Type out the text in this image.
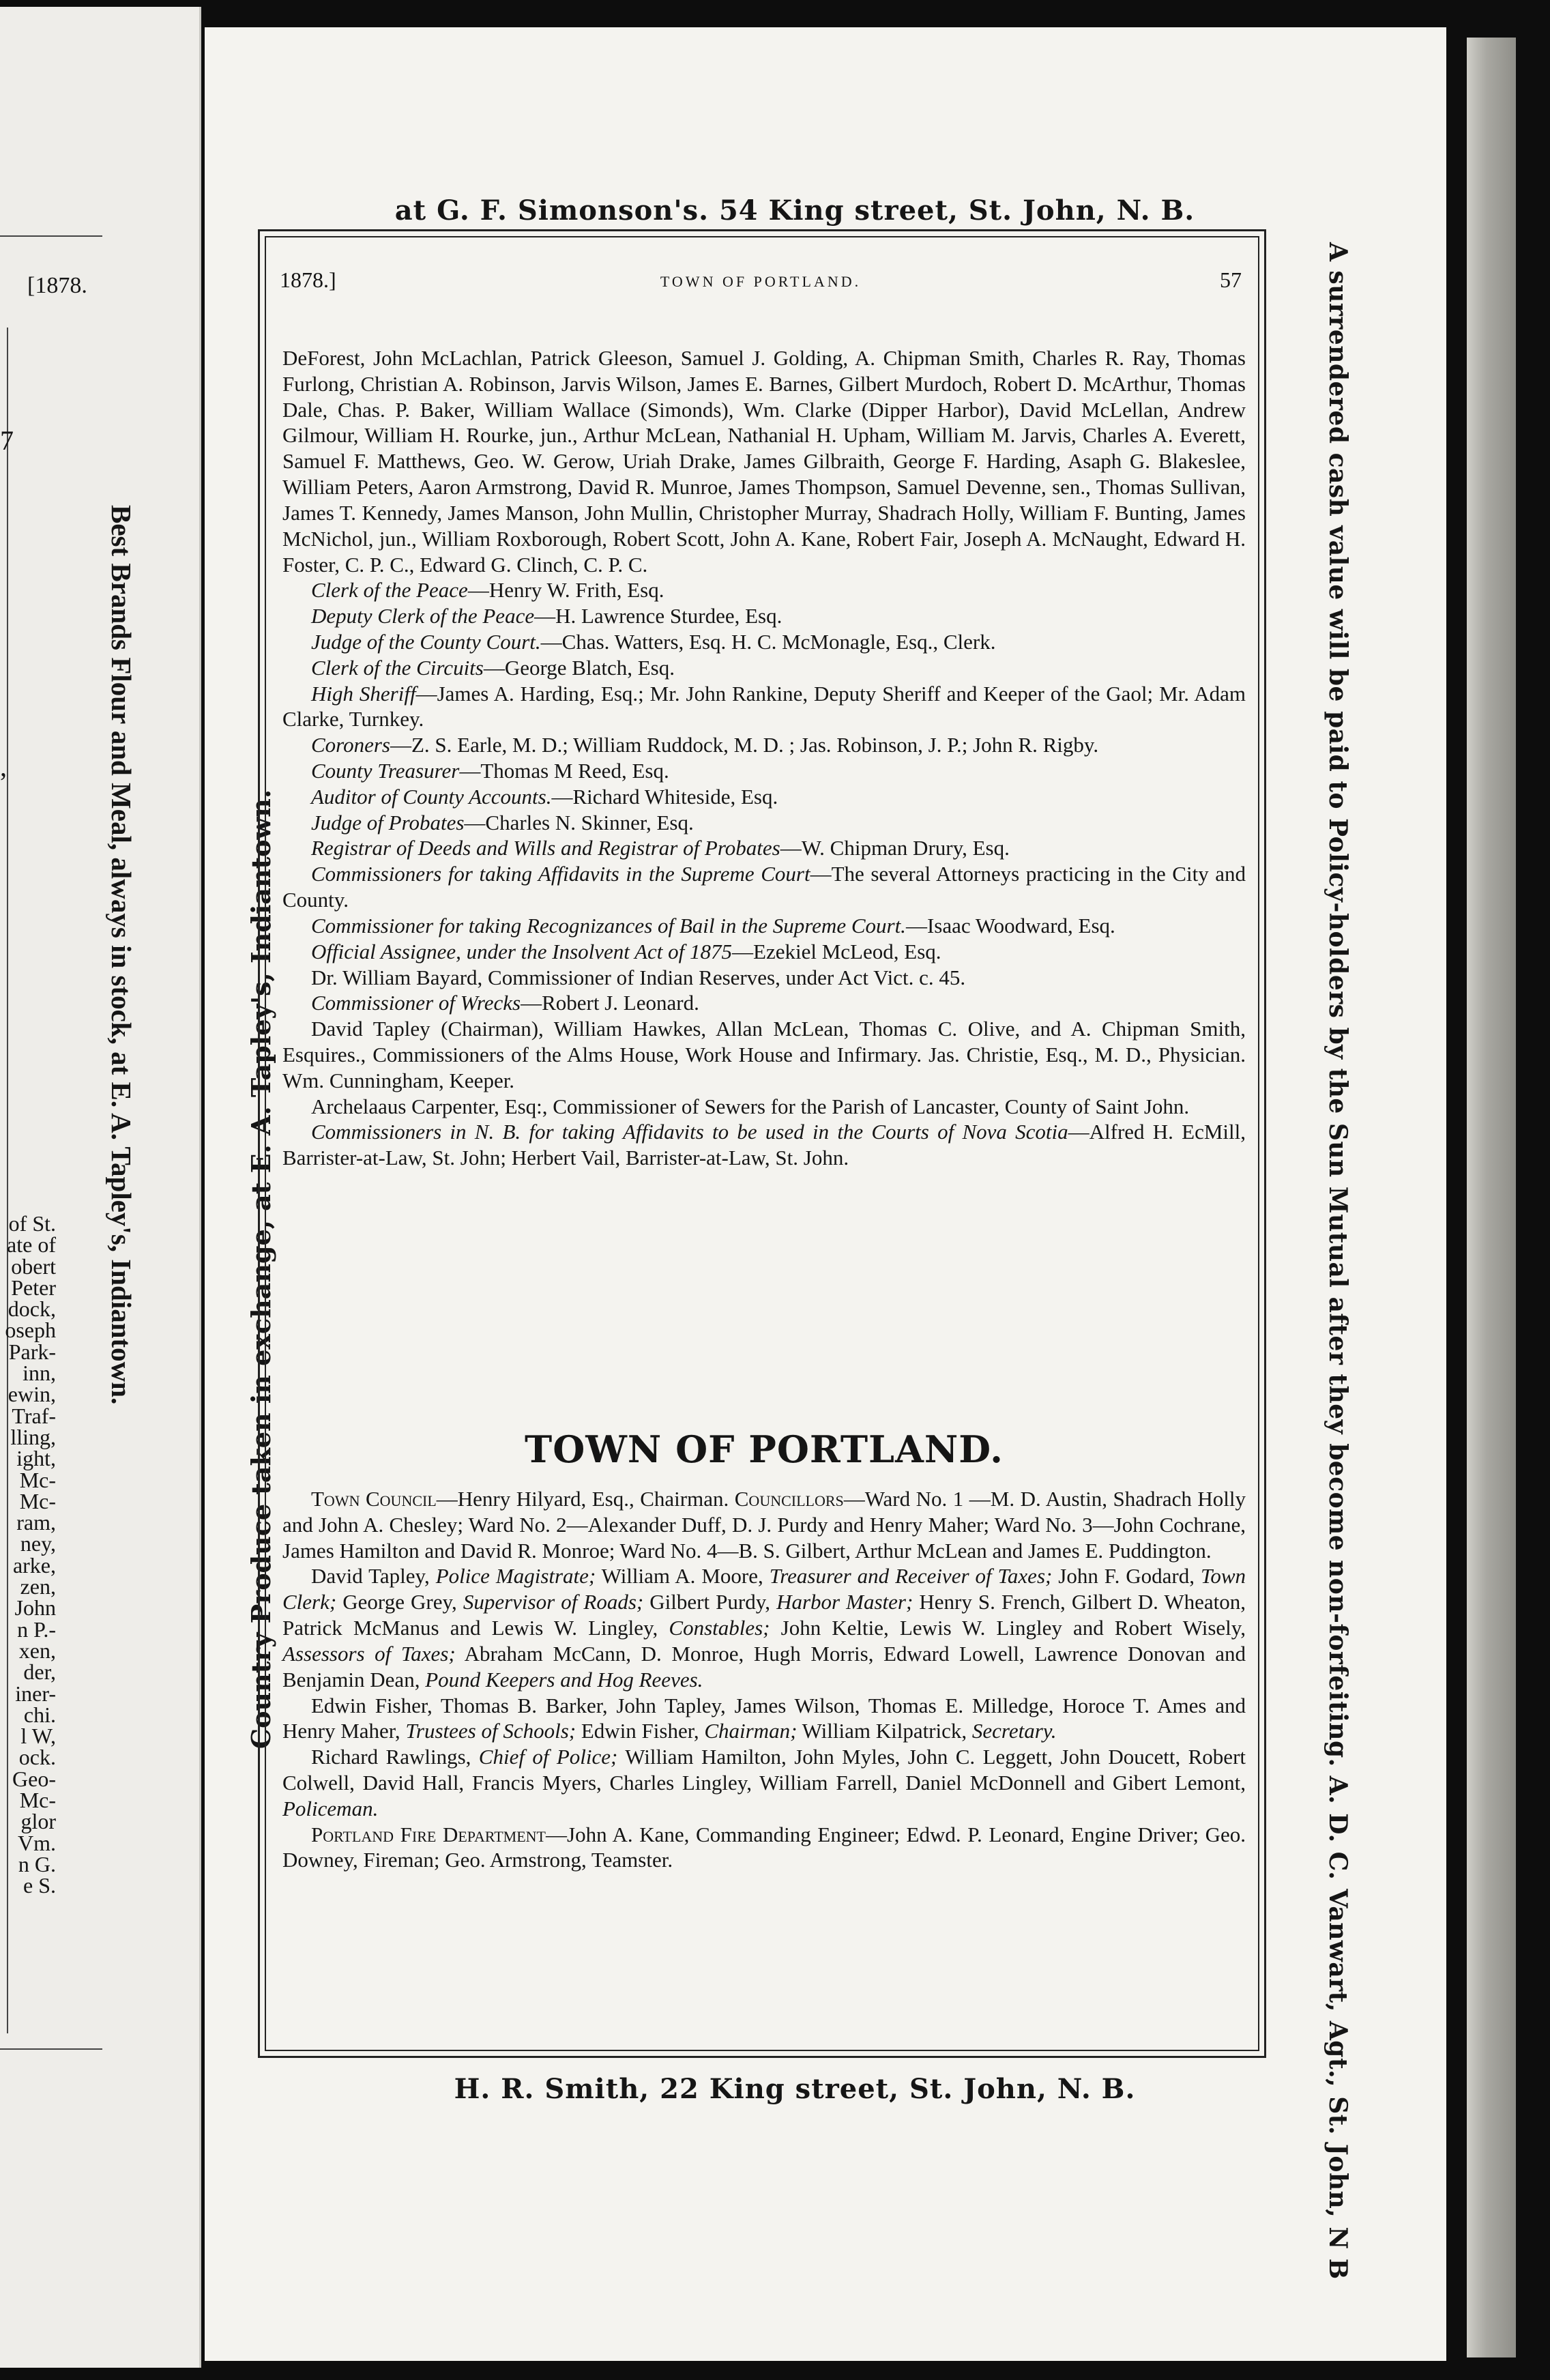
[1878.
7
,
of St.
ate of
obert
Peter
dock,
oseph
Park-
inn,
ewin,
Traf-
lling,
ight,
Mc-
Mc-
ram,
ney,
arke,
zen,
John
n P.-
xen,
der,
iner-
chi.
l W,
ock.
Geo-
Mc-
glor
Vm.
n G.
e S.
Best Brands Flour and Meal, always in stock, at E. A. Tapley's, Indiantown.
at G. F. Simonson's. 54 King street, St. John, N. B.
H. R. Smith, 22 King street, St. John, N. B.
Country Produce taken in exchange, at E. A. Tapley's, Indiantown.	A surrendered cash value will be paid to Policy-holders by the Sun Mutual after they become non-forfeiting. A. D. C. Vanwart, Agt., St. John, N B
1878.]	TOWN OF PORTLAND.	57

DeForest, John McLachlan, Patrick Gleeson, Samuel J. Golding, A. Chipman Smith, Charles R. Ray, Thomas Furlong, Christian A. Robinson, Jarvis Wilson, James E. Barnes, Gilbert Murdoch, Robert D. McArthur, Thomas Dale, Chas. P. Baker, William Wallace (Simonds), Wm. Clarke (Dipper Harbor), David McLellan, Andrew Gilmour, William H. Rourke, jun., Arthur McLean, Nathanial H. Upham, William M. Jarvis, Charles A. Everett, Samuel F. Matthews, Geo. W. Gerow, Uriah Drake, James Gilbraith, George F. Harding, Asaph G. Blakeslee, William Peters, Aaron Armstrong, David R. Munroe, James Thompson, Samuel Devenne, sen., Thomas Sullivan, James T. Kennedy, James Manson, John Mullin, Christopher Murray, Shadrach Holly, William F. Bunting, James McNichol, jun., William Roxborough, Robert Scott, John A. Kane, Robert Fair, Joseph A. McNaught, Edward H. Foster, C. P. C., Edward G. Clinch, C. P. C.

Clerk of the Peace—Henry W. Frith, Esq.

Deputy Clerk of the Peace—H. Lawrence Sturdee, Esq.

Judge of the County Court.—Chas. Watters, Esq. H. C. McMonagle, Esq., Clerk.

Clerk of the Circuits—George Blatch, Esq.

High Sheriff—James A. Harding, Esq.; Mr. John Rankine, Deputy Sheriff and Keeper of the Gaol; Mr. Adam Clarke, Turnkey.

Coroners—Z. S. Earle, M. D.; William Ruddock, M. D. ; Jas. Robinson, J. P.; John R. Rigby.

County Treasurer—Thomas M Reed, Esq.

Auditor of County Accounts.—Richard Whiteside, Esq.

Judge of Probates—Charles N. Skinner, Esq.

Registrar of Deeds and Wills and Registrar of Probates—W. Chipman Drury, Esq.

Commissioners for taking Affidavits in the Supreme Court—The several Attorneys practicing in the City and County.

Commissioner for taking Recognizances of Bail in the Supreme Court.—Isaac Woodward, Esq.

Official Assignee, under the Insolvent Act of 1875—Ezekiel McLeod, Esq.

Dr. William Bayard, Commissioner of Indian Reserves, under Act Vict. c. 45.

Commissioner of Wrecks—Robert J. Leonard.

David Tapley (Chairman), William Hawkes, Allan McLean, Thomas C. Olive, and A. Chipman Smith, Esquires., Commissioners of the Alms House, Work House and Infirmary. Jas. Christie, Esq., M. D., Physician. Wm. Cunningham, Keeper.

Archelaaus Carpenter, Esq:, Commissioner of Sewers for the Parish of Lancaster, County of Saint John.

Commissioners in N. B. for taking Affidavits to be used in the Courts of Nova Scotia—Alfred H. EcMill, Barrister-at-Law, St. John; Herbert Vail, Barrister-at-Law, St. John.

TOWN OF PORTLAND.

Town Council—Henry Hilyard, Esq., Chairman. Councillors—Ward No. 1 —M. D. Austin, Shadrach Holly and John A. Chesley; Ward No. 2—Alexander Duff, D. J. Purdy and Henry Maher; Ward No. 3—John Cochrane, James Hamilton and David R. Monroe; Ward No. 4—B. S. Gilbert, Arthur McLean and James E. Puddington.

David Tapley, Police Magistrate; William A. Moore, Treasurer and Receiver of Taxes; John F. Godard, Town Clerk; George Grey, Supervisor of Roads; Gilbert Purdy, Harbor Master; Henry S. French, Gilbert D. Wheaton, Patrick McManus and Lewis W. Lingley, Constables; John Keltie, Lewis W. Lingley and Robert Wisely, Assessors of Taxes; Abraham McCann, D. Monroe, Hugh Morris, Edward Lowell, Lawrence Donovan and Benjamin Dean, Pound Keepers and Hog Reeves.

Edwin Fisher, Thomas B. Barker, John Tapley, James Wilson, Thomas E. Milledge, Horoce T. Ames and Henry Maher, Trustees of Schools; Edwin Fisher, Chairman; William Kilpatrick, Secretary.

Richard Rawlings, Chief of Police; William Hamilton, John Myles, John C. Leggett, John Doucett, Robert Colwell, David Hall, Francis Myers, Charles Lingley, William Farrell, Daniel McDonnell and Gibert Lemont, Policeman.

Portland Fire Department—John A. Kane, Commanding Engineer; Edwd. P. Leonard, Engine Driver; Geo. Downey, Fireman; Geo. Armstrong, Teamster.
